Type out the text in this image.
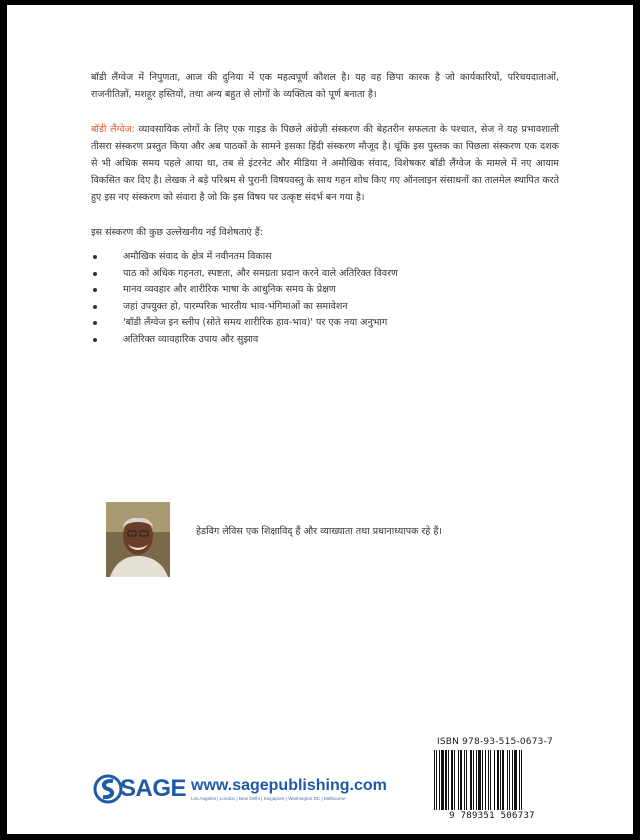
बॉडी लैंग्वेज में निपुणता, आज की दुनिया में एक महत्वपूर्ण कौशल है। यह वह छिपा कारक है जो कार्यकारियों, परिचयदाताओं, राजनीतिज्ञों, मशहूर हस्तियों, तथा अन्य बहुत से लोगों के व्यक्तित्व को पूर्ण बनाता है।

बॉडी लैंग्वेज: व्यावसायिक लोगों के लिए एक गाइड के पिछले अंग्रेज़ी संस्करण की बेहतरीन सफलता के पश्चात, सेज ने यह प्रभावशाली तीसरा संस्करण प्रस्तुत किया और अब पाठकों के सामने इसका हिंदी संस्करण मौजूद है। चूंकि इस पुस्तक का पिछला संस्करण एक दशक से भी अधिक समय पहले आया था, तब से इंटरनेट और मीडिया ने अमौखिक संवाद, विशेषकर बॉडी लैंग्वेज के मामले में नए आयाम विकसित कर दिए है। लेखक ने बड़े परिश्रम से पुरानी विषयवस्तु के साथ गहन शोध किए गए ऑनलाइन संसाधनों का तालमेल स्थापित करते हुए इस नए संस्करण को संवारा है जो कि इस विषय पर उत्कृष्ट संदर्भ बन गया है।

इस संस्करण की कुछ उल्लेखनीय नई विशेषताएं हैं:

अमौखिक संवाद के क्षेत्र में नवीनतम विकास
पाठ को अधिक गहनता, स्पष्टता, और समग्रता प्रदान करने वाले अतिरिक्त विवरण
मानव व्यवहार और शारीरिक भाषा के आधुनिक समय के प्रेक्षण
जहां उपयुक्त हो, पारम्परिक भारतीय भाव-भंगिमाओं का समावेशन
'बॉडी लैंग्वेज इन स्लीप (सोते समय शारीरिक हाव-भाव)' पर एक नया अनुभाग
अतिरिक्त व्यावहारिक उपाय और सुझाव

हेडविग लेविस एक शिक्षाविद् हैं और व्याख्याता तथा प्रधानाध्यापक रहे हैं।

ISBN 978-93-515-0673-7
9 789351 506737
SAGE www.sagepublishing.com
Los Angeles | London | New Delhi | Singapore | Washington DC | Melbourne
